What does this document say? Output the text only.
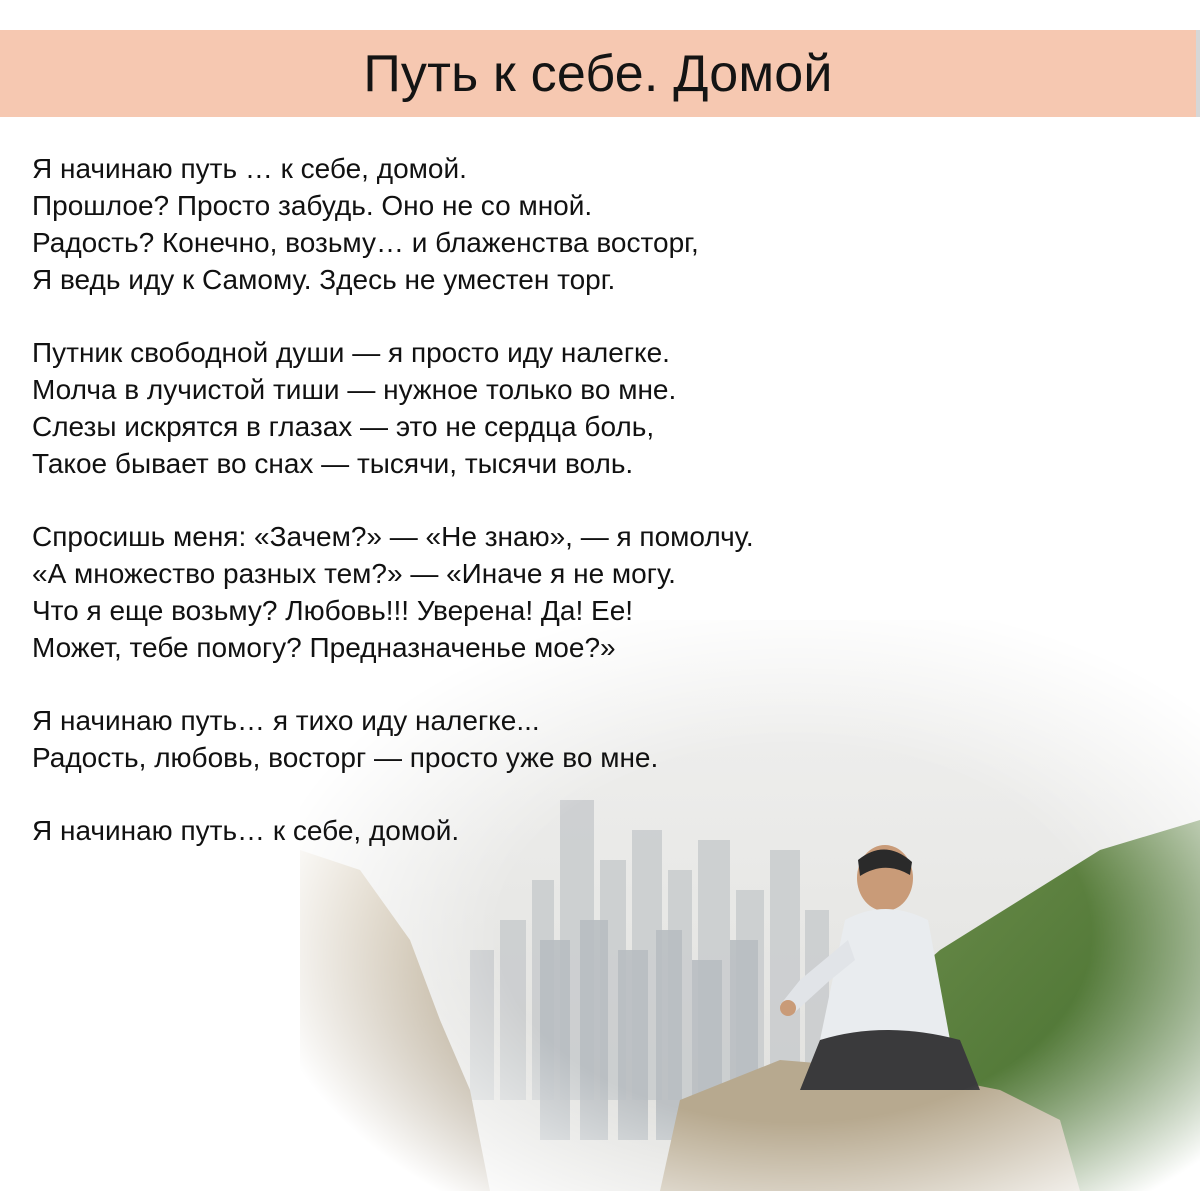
Путь к себе. Домой
Я начинаю путь … к себе, домой.
Прошлое? Просто забудь. Оно не со мной.
Радость? Конечно, возьму… и блаженства восторг,
Я ведь иду к Самому. Здесь не уместен торг.
Путник свободной души — я просто иду налегке.
Молча в лучистой тиши — нужное только во мне.
Слезы искрятся в глазах — это не сердца боль,
Такое бывает во снах — тысячи, тысячи воль.
Спросишь меня: «Зачем?» — «Не знаю», — я помолчу.
«А множество разных тем?» — «Иначе я не могу.
Что я еще возьму? Любовь!!! Уверена! Да! Ее!
Может, тебе помогу? Предназначенье мое?»
Я начинаю путь… я тихо иду налегке...
Радость, любовь, восторг — просто уже во мне.
Я начинаю путь… к себе, домой.
